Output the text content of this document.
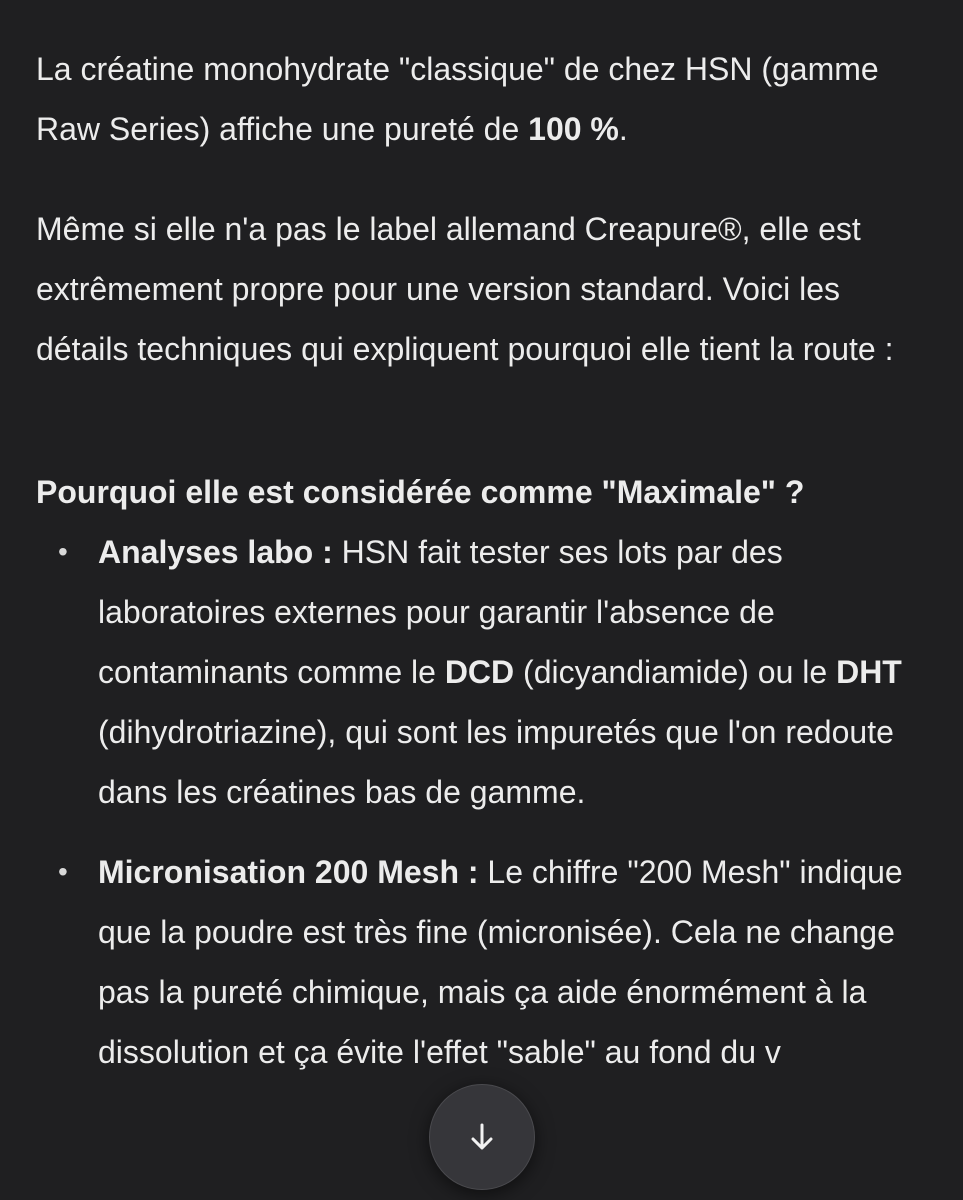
La créatine monohydrate "classique" de chez HSN (gamme Raw Series) affiche une pureté de 100 %.

Même si elle n'a pas le label allemand Creapure®, elle est extrêmement propre pour une version standard. Voici les détails techniques qui expliquent pourquoi elle tient la route :

Pourquoi elle est considérée comme "Maximale" ?

• Analyses labo : HSN fait tester ses lots par des laboratoires externes pour garantir l'absence de contaminants comme le DCD (dicyandiamide) ou le DHT (dihydrotriazine), qui sont les impuretés que l'on redoute dans les créatines bas de gamme.
• Micronisation 200 Mesh : Le chiffre "200 Mesh" indique que la poudre est très fine (micronisée). Cela ne change pas la pureté chimique, mais ça aide énormément à la dissolution et ça évite l'effet "sable" au fond du v
